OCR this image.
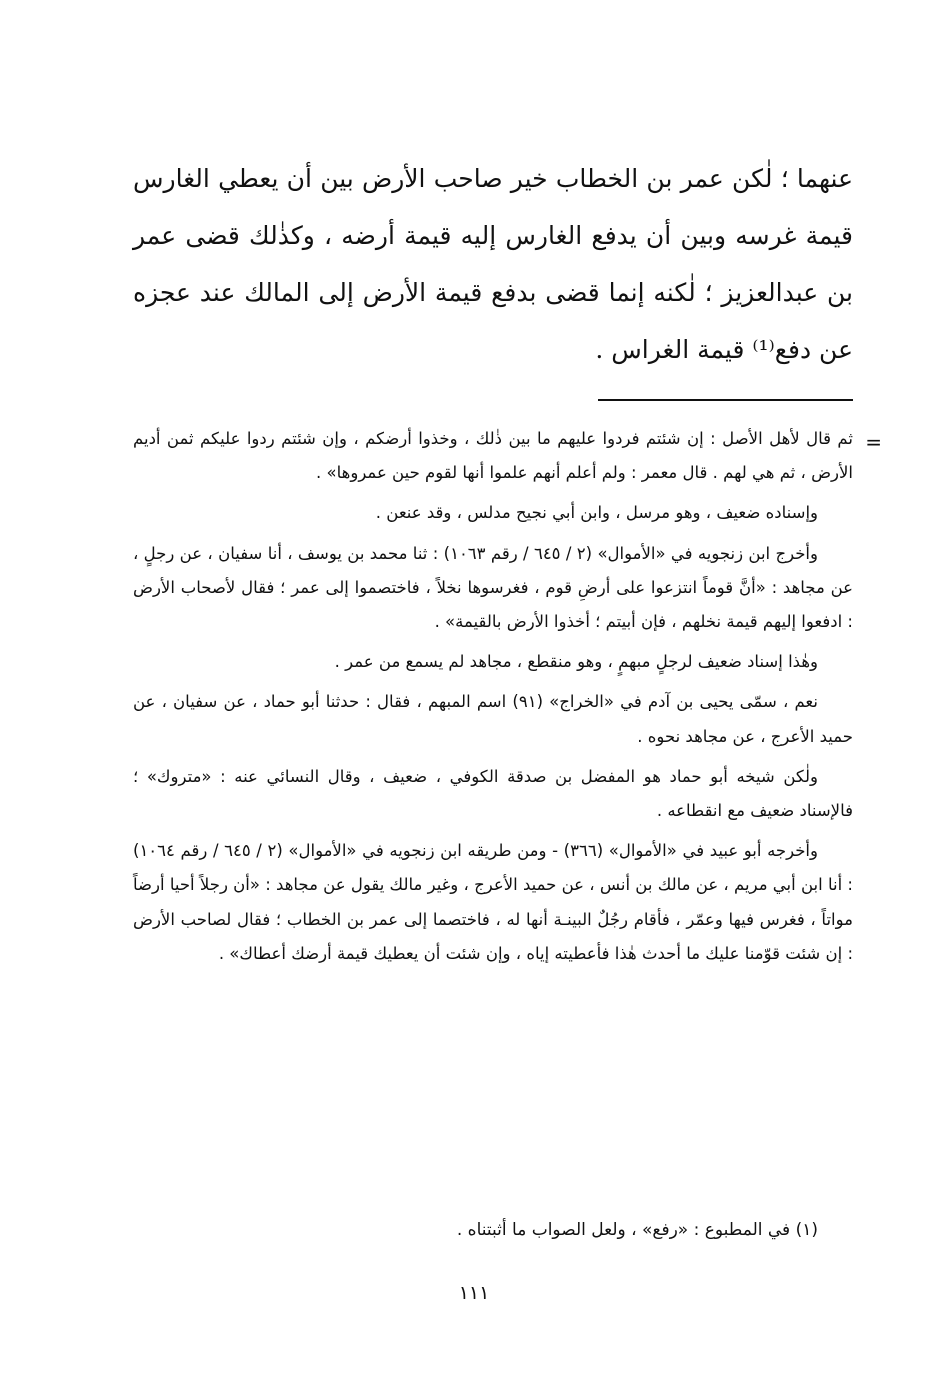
عنهما ؛ لٰكن عمر بن الخطاب خير صاحب الأرض بين أن يعطي الغارس قيمة غرسه وبين أن يدفع الغارس إليه قيمة أرضه ، وكذٰلك قضى عمر بن عبدالعزيز ؛ لٰكنه إنما قضى بدفع قيمة الأرض إلى المالك عند عجزه عن دفع⁽¹⁾ قيمة الغراس .

=

ثم قال لأهل الأصل : إن شئتم فردوا عليهم ما بين ذٰلك ، وخذوا أرضكم ، وإن شئتم ردوا عليكم ثمن أديم الأرض ، ثم هي لهم . قال معمر : ولم أعلم أنهم علموا أنها لقوم حين عمروها» .

وإسناده ضعيف ، وهو مرسل ، وابن أبي نجيح مدلس ، وقد عنعن .

وأخرج ابن زنجويه في «الأموال» (٢ / ٦٤٥ / رقم ١٠٦٣) : ثنا محمد بن يوسف ، أنا سفيان ، عن رجلٍ ، عن مجاهد : «أنَّ قوماً انتزعوا على أرضِ قوم ، فغرسوها نخلاً ، فاختصموا إلى عمر ؛ فقال لأصحاب الأرض : ادفعوا إليهم قيمة نخلهم ، فإن أبيتم ؛ أخذوا الأرض بالقيمة» .

وهٰذا إسناد ضعيف لرجلٍ مبهمٍ ، وهو منقطع ، مجاهد لم يسمع من عمر .

نعم ، سمّى يحيى بن آدم في «الخراج» (٩١) اسم المبهم ، فقال : حدثنا أبو حماد ، عن سفيان ، عن حميد الأعرج ، عن مجاهد نحوه .

ولٰكن شيخه أبو حماد هو المفضل بن صدقة الكوفي ، ضعيف ، وقال النسائي عنه : «متروك» ؛ فالإسناد ضعيف مع انقطاعه .

وأخرجه أبو عبيد في «الأموال» (٣٦٦) - ومن طريقه ابن زنجويه في «الأموال» (٢ / ٦٤٥ / رقم ١٠٦٤) : أنا ابن أبي مريم ، عن مالك بن أنس ، عن حميد الأعرج ، وغير مالك يقول عن مجاهد : «أن رجلاً أحيا أرضاً مواتاً ، فغرس فيها وعمّر ، فأقام رجُلٌ البينـة أنها له ، فاختصما إلى عمر بن الخطاب ؛ فقال لصاحب الأرض : إن شئت قوّمنا عليك ما أحدث هٰذا فأعطيته إياه ، وإن شئت أن يعطيك قيمة أرضك أعطاك» .

(١) في المطبوع : «رفع» ، ولعل الصواب ما أثبتناه .
١١١
